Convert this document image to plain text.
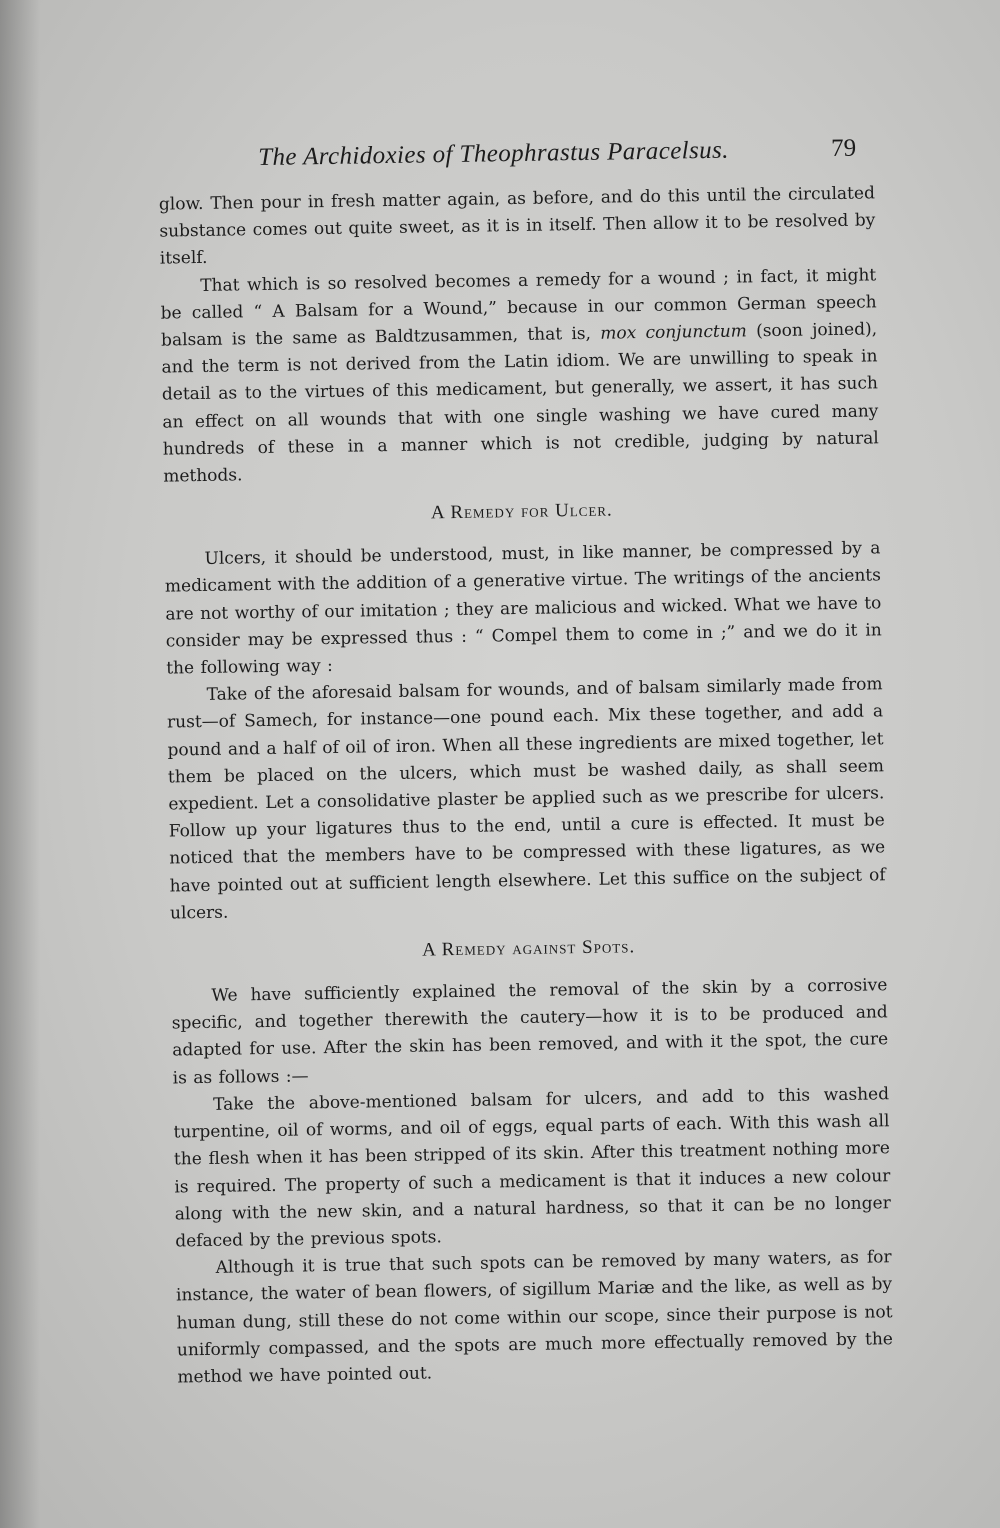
The Archidoxies of Theophrastus Paracelsus.	79

glow. Then pour in fresh matter again, as before, and do this until the circulated substance comes out quite sweet, as it is in itself. Then allow it to be resolved by itself.

That which is so resolved becomes a remedy for a wound ; in fact, it might be called “ A Balsam for a Wound,” because in our common German speech balsam is the same as Baldtzusammen, that is, mox conjunctum (soon joined), and the term is not derived from the Latin idiom. We are unwilling to speak in detail as to the virtues of this medicament, but generally, we assert, it has such an effect on all wounds that with one single washing we have cured many hundreds of these in a manner which is not credible, judging by natural methods.

A Remedy for Ulcer.

Ulcers, it should be understood, must, in like manner, be compressed by a medicament with the addition of a generative virtue. The writings of the ancients are not worthy of our imitation ; they are malicious and wicked. What we have to consider may be expressed thus : “ Compel them to come in ;” and we do it in the following way :

Take of the aforesaid balsam for wounds, and of balsam similarly made from rust—of Samech, for instance—one pound each. Mix these together, and add a pound and a half of oil of iron. When all these ingredients are mixed together, let them be placed on the ulcers, which must be washed daily, as shall seem expedient. Let a consolidative plaster be applied such as we prescribe for ulcers. Follow up your ligatures thus to the end, until a cure is effected. It must be noticed that the members have to be compressed with these ligatures, as we have pointed out at sufficient length elsewhere. Let this suffice on the subject of ulcers.

A Remedy against Spots.

We have sufficiently explained the removal of the skin by a corrosive specific, and together therewith the cautery—how it is to be produced and adapted for use. After the skin has been removed, and with it the spot, the cure is as follows :—

Take the above-mentioned balsam for ulcers, and add to this washed turpentine, oil of worms, and oil of eggs, equal parts of each. With this wash all the flesh when it has been stripped of its skin. After this treatment nothing more is required. The property of such a medicament is that it induces a new colour along with the new skin, and a natural hardness, so that it can be no longer defaced by the previous spots.

Although it is true that such spots can be removed by many waters, as for instance, the water of bean flowers, of sigillum Mariæ and the like, as well as by human dung, still these do not come within our scope, since their purpose is not uniformly compassed, and the spots are much more effectually removed by the method we have pointed out.
